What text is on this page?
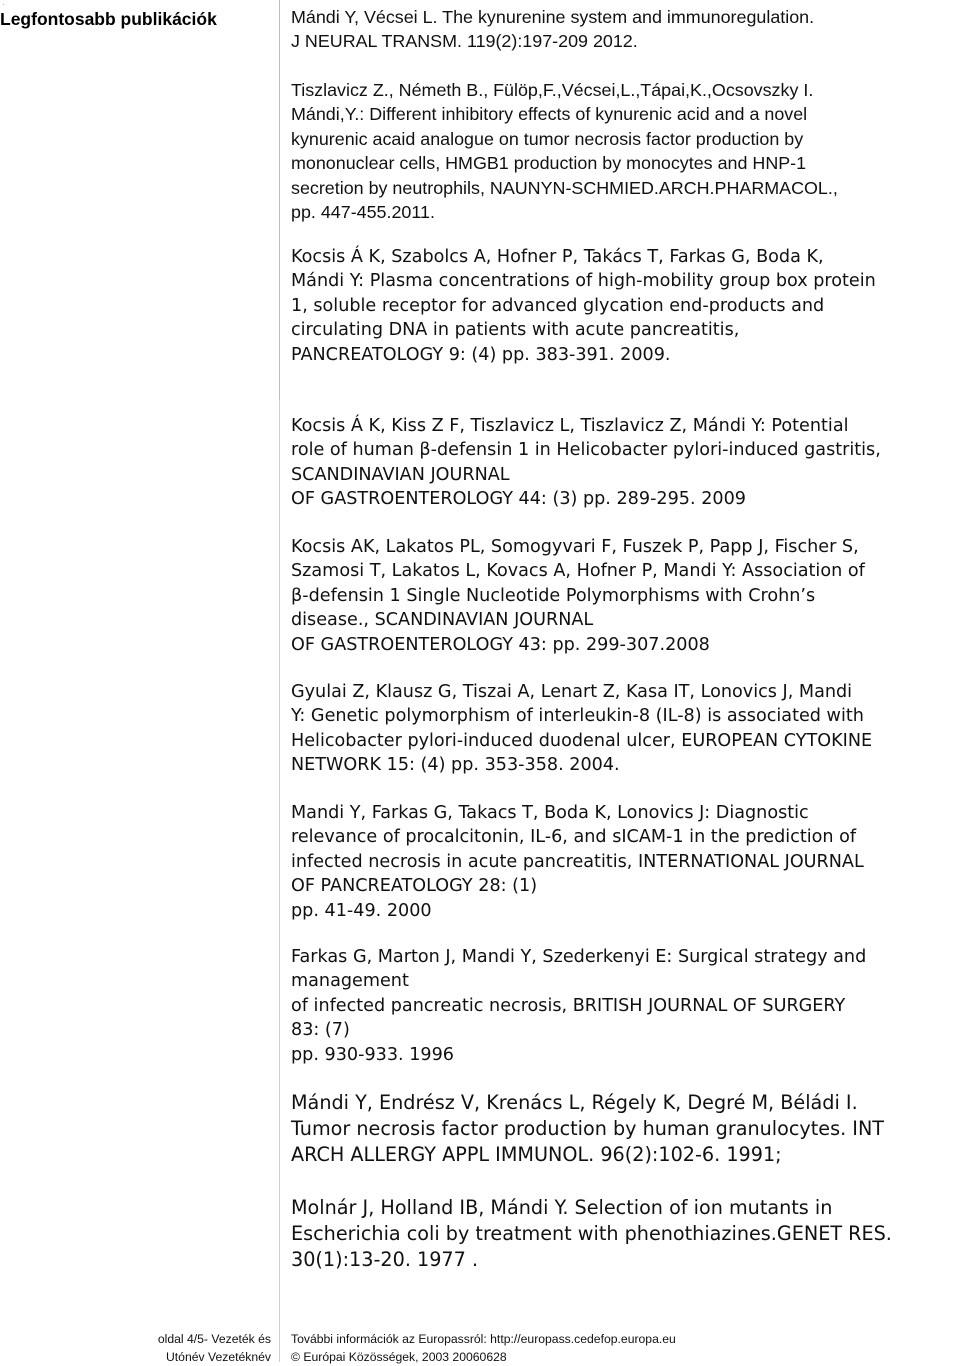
·
Legfontosabb publikációk	Mándi Y, Vécsei L. The kynurenine system and immunoregulation.
J NEURAL TRANSM. 119(2):197-209 2012.

Tiszlavicz Z., Németh B., Fülöp,F.,Vécsei,L.,Tápai,K.,Ocsovszky I.
Mándi,Y.: Different inhibitory effects of kynurenic acid and a novel
kynurenic acaid analogue on tumor necrosis factor production by
mononuclear cells, HMGB1 production by monocytes and HNP-1
secretion by neutrophils, NAUNYN-SCHMIED.ARCH.PHARMACOL.,
pp. 447-455.2011.

Kocsis Á K, Szabolcs A, Hofner P, Takács T, Farkas G, Boda K,
Mándi Y: Plasma concentrations of high-mobility group box protein
1, soluble receptor for advanced glycation end-products and
circulating DNA in patients with acute pancreatitis,
PANCREATOLOGY 9: (4) pp. 383-391. 2009.

Kocsis Á K, Kiss Z F, Tiszlavicz L, Tiszlavicz Z, Mándi Y: Potential
role of human β-defensin 1 in Helicobacter pylori-induced gastritis,
SCANDINAVIAN JOURNAL
OF GASTROENTEROLOGY 44: (3) pp. 289-295. 2009

Kocsis AK, Lakatos PL, Somogyvari F, Fuszek P, Papp J, Fischer S,
Szamosi T, Lakatos L, Kovacs A, Hofner P, Mandi Y: Association of
β-defensin 1 Single Nucleotide Polymorphisms with Crohn’s
disease., SCANDINAVIAN JOURNAL
OF GASTROENTEROLOGY 43: pp. 299-307.2008

Gyulai Z, Klausz G, Tiszai A, Lenart Z, Kasa IT, Lonovics J, Mandi
Y: Genetic polymorphism of interleukin-8 (IL-8) is associated with
Helicobacter pylori-induced duodenal ulcer, EUROPEAN CYTOKINE
NETWORK 15: (4) pp. 353-358. 2004.

Mandi Y, Farkas G, Takacs T, Boda K, Lonovics J: Diagnostic
relevance of procalcitonin, IL-6, and sICAM-1 in the prediction of
infected necrosis in acute pancreatitis, INTERNATIONAL JOURNAL
OF PANCREATOLOGY 28: (1)
pp. 41-49. 2000

Farkas G, Marton J, Mandi Y, Szederkenyi E: Surgical strategy and
management
of infected pancreatic necrosis, BRITISH JOURNAL OF SURGERY
83: (7)
pp. 930-933. 1996

Mándi Y, Endrész V, Krenács L, Régely K, Degré M, Béládi I.
Tumor necrosis factor production by human granulocytes. INT
ARCH ALLERGY APPL IMMUNOL. 96(2):102-6. 1991;

Molnár J, Holland IB, Mándi Y. Selection of ion mutants in
Escherichia coli by treatment with phenothiazines.GENET RES.
30(1):13-20. 1977 .

oldal 4/5- Vezeték és
Utónév Vezetéknév
További információk az Europassról: http://europass.cedefop.europa.eu
© Európai Közösségek, 2003 20060628
